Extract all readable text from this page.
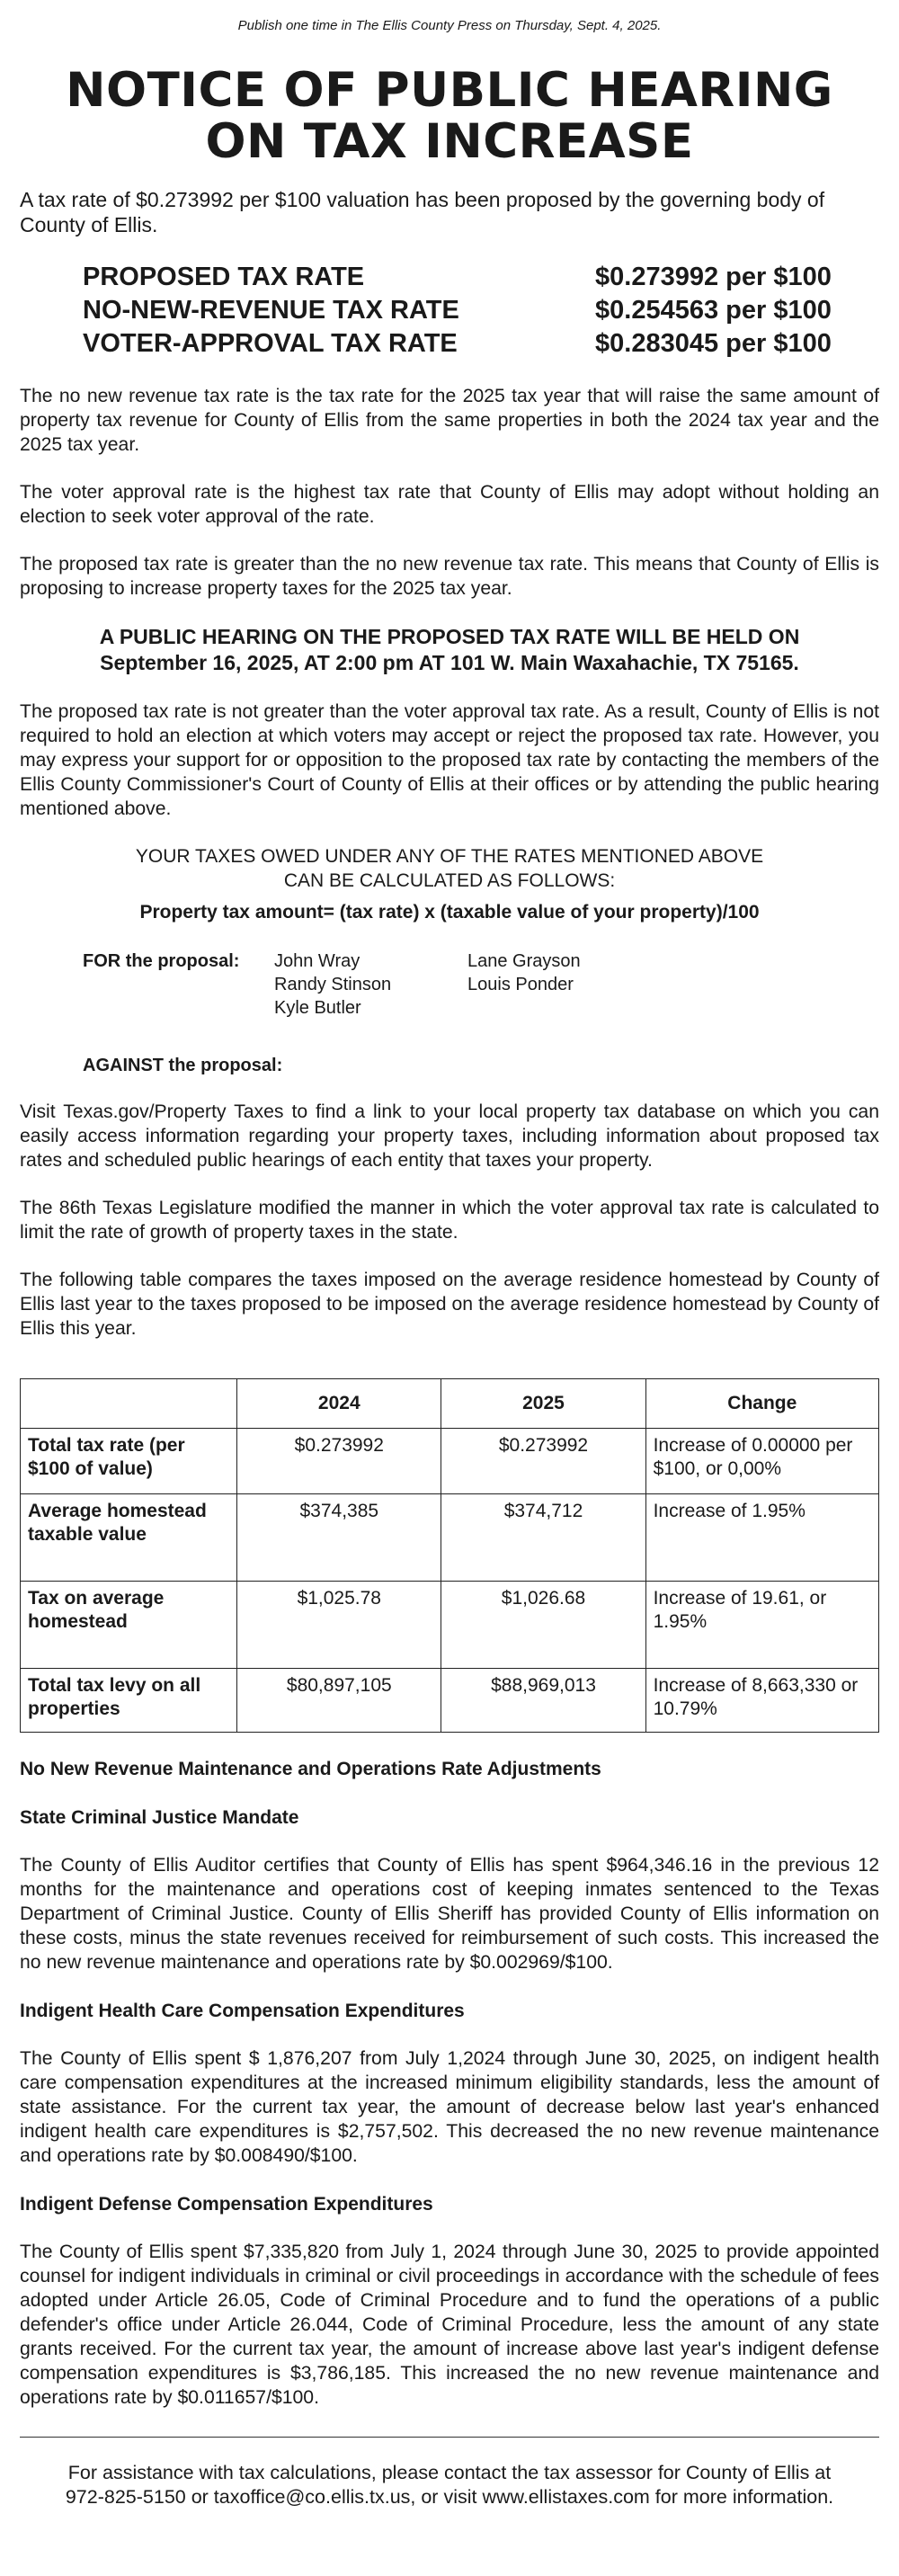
Publish one time in The Ellis County Press on Thursday, Sept. 4, 2025.
NOTICE OF PUBLIC HEARING
ON TAX INCREASE

A tax rate of $0.273992 per $100 valuation has been proposed by the governing body of County of Ellis.

PROPOSED TAX RATE	$0.273992 per $100
NO-NEW-REVENUE TAX RATE	$0.254563 per $100
VOTER-APPROVAL TAX RATE	$0.283045 per $100

The no new revenue tax rate is the tax rate for the 2025 tax year that will raise the same amount of property tax revenue for County of Ellis from the same properties in both the 2024 tax year and the 2025 tax year.

The voter approval rate is the highest tax rate that County of Ellis may adopt without holding an election to seek voter approval of the rate.

The proposed tax rate is greater than the no new revenue tax rate. This means that County of Ellis is proposing to increase property taxes for the 2025 tax year.

A PUBLIC HEARING ON THE PROPOSED TAX RATE WILL BE HELD ON
September 16, 2025, AT 2:00 pm AT 101 W. Main Waxahachie, TX 75165.

The proposed tax rate is not greater than the voter approval tax rate. As a result, County of Ellis is not required to hold an election at which voters may accept or reject the proposed tax rate. However, you may express your support for or opposition to the proposed tax rate by contacting the members of the Ellis County Commissioner's Court of County of Ellis at their offices or by attending the public hearing mentioned above.

YOUR TAXES OWED UNDER ANY OF THE RATES MENTIONED ABOVE
CAN BE CALCULATED AS FOLLOWS:
Property tax amount= (tax rate) x (taxable value of your property)/100
FOR the proposal:	John Wray
Randy Stinson
Kyle Butler
Lane Grayson
Louis Ponder
AGAINST the proposal:

Visit Texas.gov/Property Taxes to find a link to your local property tax database on which you can easily access information regarding your property taxes, including information about proposed tax rates and scheduled public hearings of each entity that taxes your property.

The 86th Texas Legislature modified the manner in which the voter approval tax rate is calculated to limit the rate of growth of property taxes in the state.

The following table compares the taxes imposed on the average residence homestead by County of Ellis last year to the taxes proposed to be imposed on the average residence homestead by County of Ellis this year.

	2024	2025	Change
Total tax rate (per $100 of value)	$0.273992	$0.273992	Increase of 0.00000 per $100, or 0,00%
Average homestead taxable value	$374,385	$374,712	Increase of 1.95%
Tax on average homestead	$1,025.78	$1,026.68	Increase of 19.61, or 1.95%
Total tax levy on all properties	$80,897,105	$88,969,013	Increase of 8,663,330 or 10.79%
No New Revenue Maintenance and Operations Rate Adjustments
State Criminal Justice Mandate

The County of Ellis Auditor certifies that County of Ellis has spent $964,346.16 in the previous 12 months for the maintenance and operations cost of keeping inmates sentenced to the Texas Department of Criminal Justice. County of Ellis Sheriff has provided County of Ellis information on these costs, minus the state revenues received for reimbursement of such costs. This increased the no new revenue maintenance and operations rate by $0.002969/$100.

Indigent Health Care Compensation Expenditures

The County of Ellis spent $ 1,876,207 from July 1,2024 through June 30, 2025, on indigent health care compensation expenditures at the increased minimum eligibility standards, less the amount of state assistance. For the current tax year, the amount of decrease below last year's enhanced indigent health care expenditures is $2,757,502. This decreased the no new revenue maintenance and operations rate by $0.008490/$100.

Indigent Defense Compensation Expenditures

The County of Ellis spent $7,335,820 from July 1, 2024 through June 30, 2025 to provide appointed counsel for indigent individuals in criminal or civil proceedings in accordance with the schedule of fees adopted under Article 26.05, Code of Criminal Procedure and to fund the operations of a public defender's office under Article 26.044, Code of Criminal Procedure, less the amount of any state grants received. For the current tax year, the amount of increase above last year's indigent defense compensation expenditures is $3,786,185. This increased the no new revenue maintenance and operations rate by $0.011657/$100.

For assistance with tax calculations, please contact the tax assessor for County of Ellis at
972-825-5150 or taxoffice@co.ellis.tx.us, or visit www.ellistaxes.com for more information.
